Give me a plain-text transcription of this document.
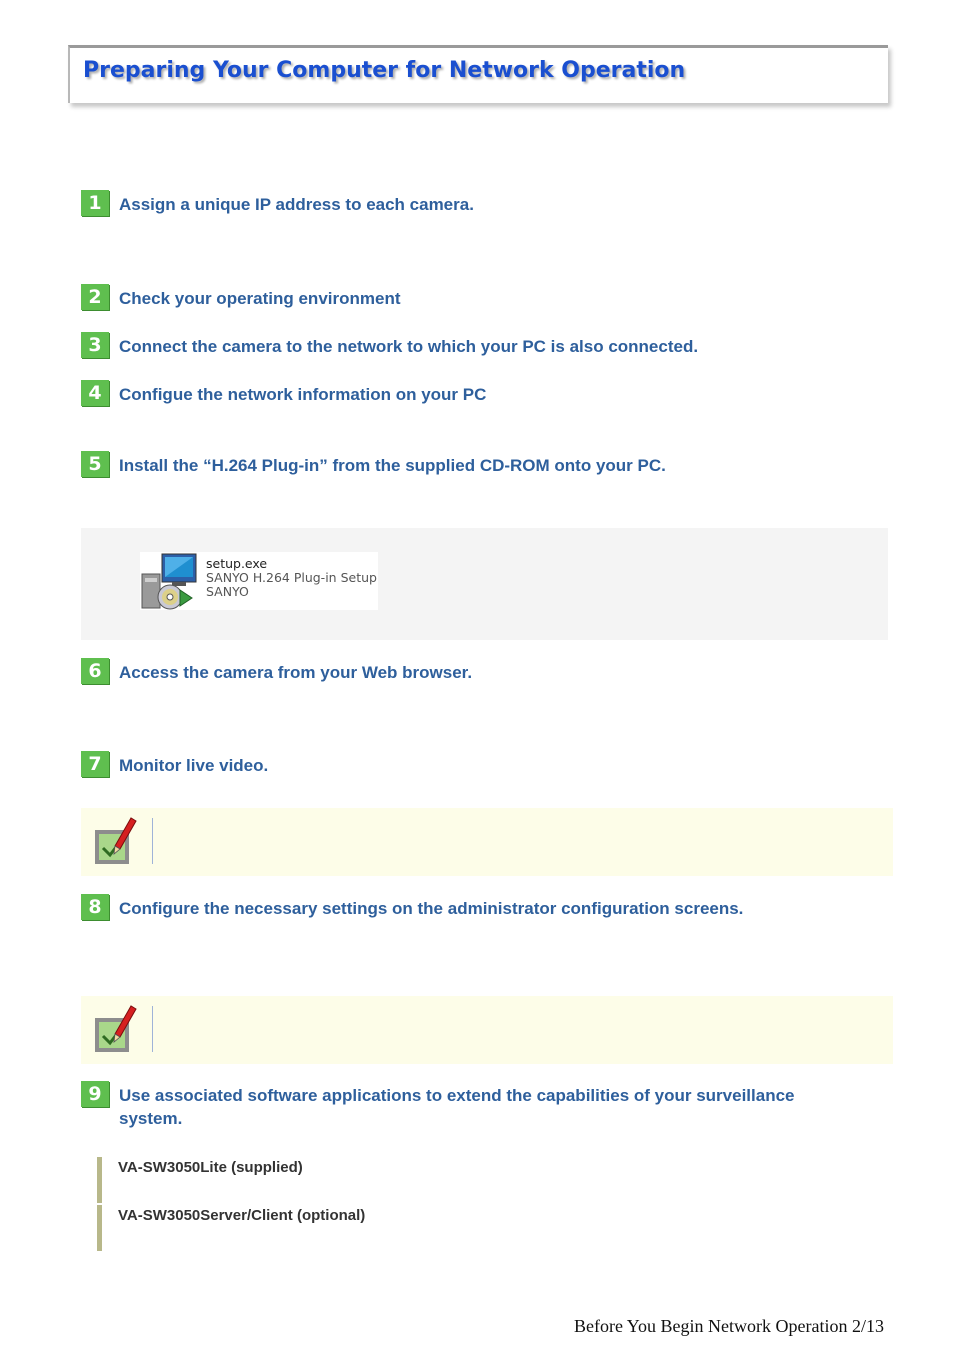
Preparing Your Computer for Network Operation
1	Assign a unique IP address to each camera.
2	Check your operating environment
3	Connect the camera to the network to which your PC is also connected.
4	Configue the network information on your PC
5	Install the “H.264 Plug-in” from the supplied CD-ROM onto your PC.
setup.exe
SANYO H.264 Plug-in Setup
SANYO
6	Access the camera from your Web browser.
7	Monitor live video.
8	Configure the necessary settings on the administrator configuration screens.
9	Use associated software applications to extend the capabilities of your surveillance
system.
VA-SW3050Lite (supplied)
VA-SW3050Server/Client (optional)
Before You Begin Network Operation 2/13
